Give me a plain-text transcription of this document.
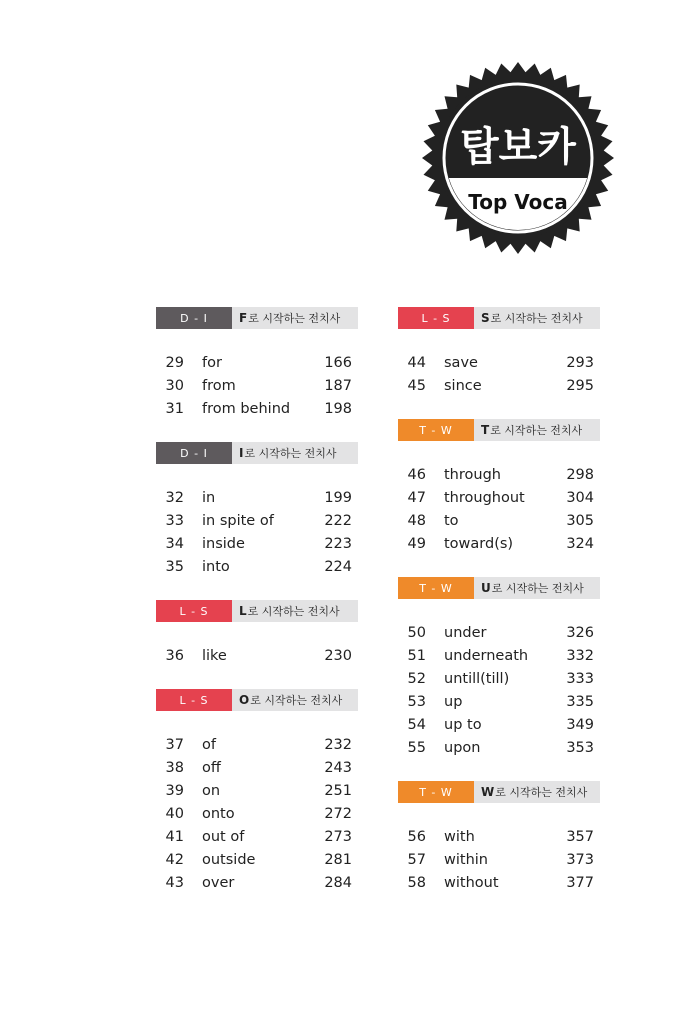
탑보카
Top Voca
D - I	F 로 시작하는 전치사
29 for	166
30 from	187
31 from behind	198
D - I	I 로 시작하는 전치사
32 in	199
33 in spite of	222
34 inside	223
35 into	224
L - S	L 로 시작하는 전치사
36 like	230
L - S	O 로 시작하는 전치사
37 of	232
38 off	243
39 on	251
40 onto	272
41 out of	273
42 outside	281
43 over	284
L - S	S 로 시작하는 전치사
44 save	293
45 since	295
T - W	T 로 시작하는 전치사
46 through	298
47 throughout	304
48 to	305
49 toward(s)	324
T - W	U 로 시작하는 전치사
50 under	326
51 underneath	332
52 untill(till)	333
53 up	335
54 up to	349
55 upon	353
T - W	W 로 시작하는 전치사
56 with	357
57 within	373
58 without	377
